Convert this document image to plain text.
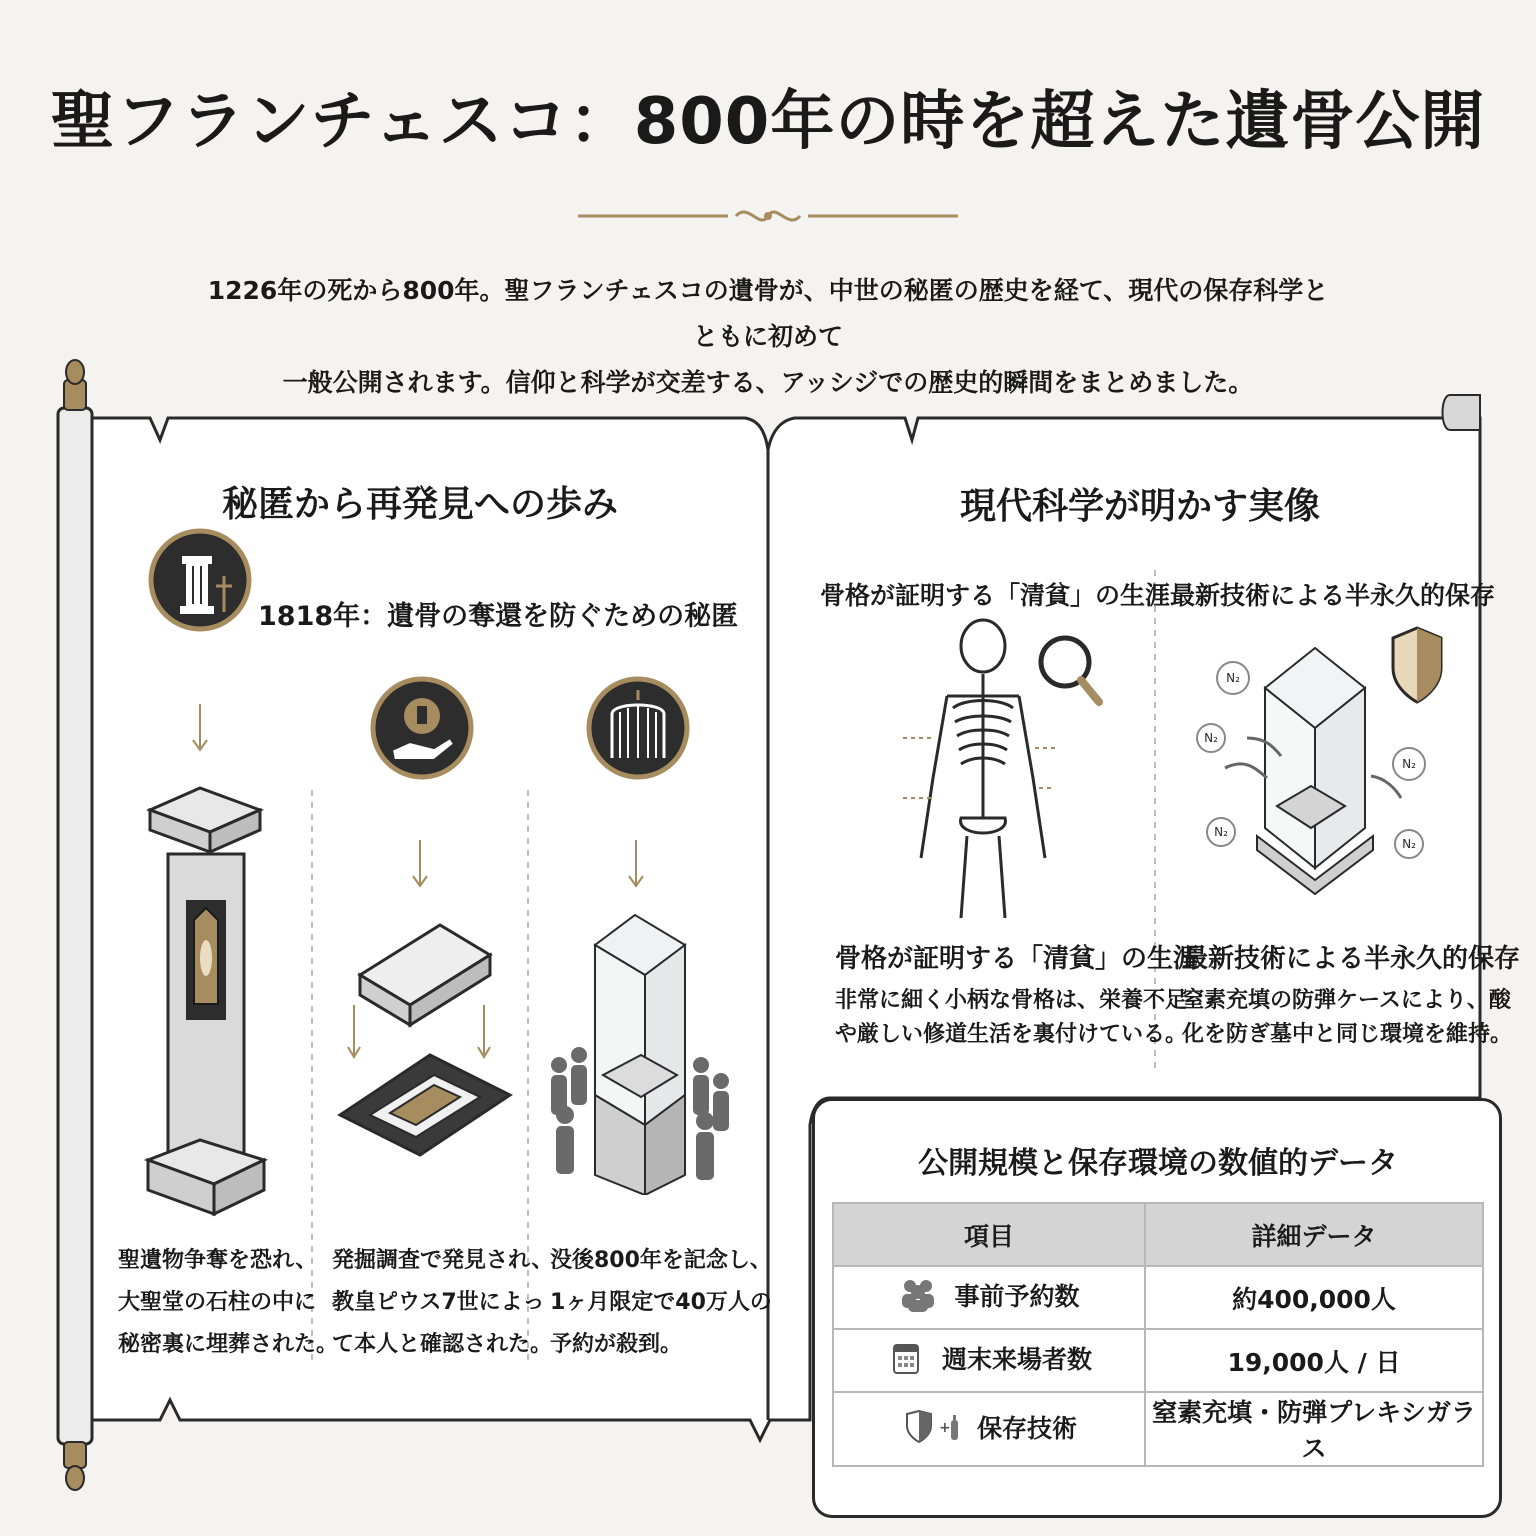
聖フランチェスコ：800年の時を超えた遺骨公開
1226年の死から800年。聖フランチェスコの遺骨が、中世の秘匿の歴史を経て、現代の保存科学とともに初めて
一般公開されます。信仰と科学が交差する、アッシジでの歴史的瞬間をまとめました。
秘匿から再発見への歩み
1818年：遺骨の奪還を防ぐための秘匿
聖遺物争奪を恐れ、
大聖堂の石柱の中に
秘密裏に埋葬された。
発掘調査で発見され、
教皇ピウス7世によっ
て本人と確認された。
没後800年を記念し、
1ヶ月限定で40万人の
予約が殺到。
現代科学が明かす実像
骨格が証明する「清貧」の生涯 最新技術による半永久的保存
N₂
N₂
N₂
N₂
N₂
骨格が証明する「清貧」の生涯
非常に細く小柄な骨格は、栄養不足
や厳しい修道生活を裏付けている。
最新技術による半永久的保存
窒素充填の防弾ケースにより、酸
化を防ぎ墓中と同じ環境を維持。
公開規模と保存環境の数値的データ
項目	詳細データ
事前予約数	約400,000人
週末来場者数	19,000人 / 日

+ 保存技術	窒素充填・防弾プレキシガラス
